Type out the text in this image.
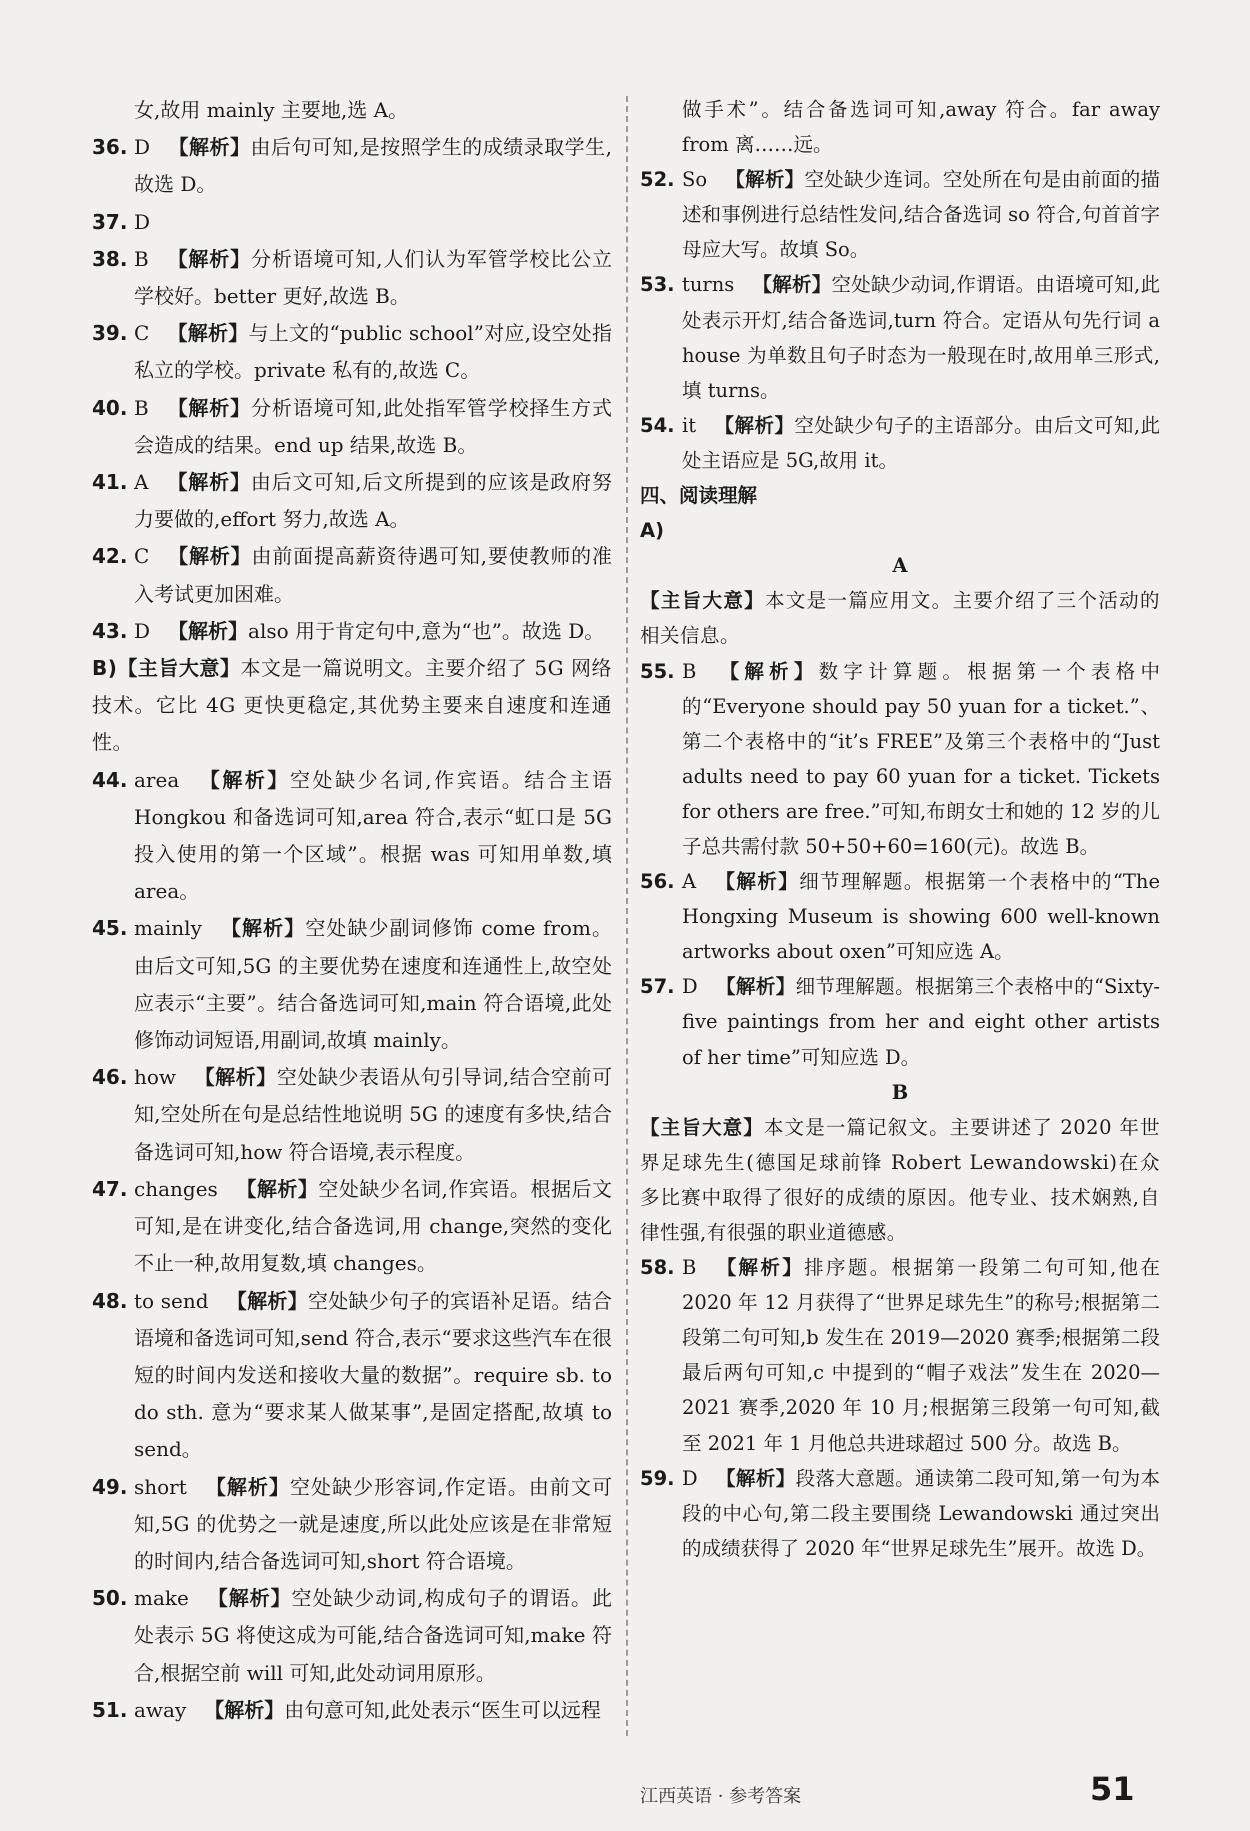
女,故用 mainly 主要地,选 A。
36. D 【解析】由后句可知,是按照学生的成绩录取学生,故选 D。
37. D
38. B 【解析】分析语境可知,人们认为军管学校比公立学校好。better 更好,故选 B。
39. C 【解析】与上文的“public school”对应,设空处指私立的学校。private 私有的,故选 C。
40. B 【解析】分析语境可知,此处指军管学校择生方式会造成的结果。end up 结果,故选 B。
41. A 【解析】由后文可知,后文所提到的应该是政府努力要做的,effort 努力,故选 A。
42. C 【解析】由前面提高薪资待遇可知,要使教师的准入考试更加困难。
43. D 【解析】also 用于肯定句中,意为“也”。故选 D。
B)【主旨大意】本文是一篇说明文。主要介绍了 5G 网络技术。它比 4G 更快更稳定,其优势主要来自速度和连通性。
44. area 【解析】空处缺少名词,作宾语。结合主语 Hongkou 和备选词可知,area 符合,表示“虹口是 5G 投入使用的第一个区域”。根据 was 可知用单数,填 area。
45. mainly 【解析】空处缺少副词修饰 come from。由后文可知,5G 的主要优势在速度和连通性上,故空处应表示“主要”。结合备选词可知,main 符合语境,此处修饰动词短语,用副词,故填 mainly。
46. how 【解析】空处缺少表语从句引导词,结合空前可知,空处所在句是总结性地说明 5G 的速度有多快,结合备选词可知,how 符合语境,表示程度。
47. changes 【解析】空处缺少名词,作宾语。根据后文可知,是在讲变化,结合备选词,用 change,突然的变化不止一种,故用复数,填 changes。
48. to send 【解析】空处缺少句子的宾语补足语。结合语境和备选词可知,send 符合,表示“要求这些汽车在很短的时间内发送和接收大量的数据”。require sb. to do sth. 意为“要求某人做某事”,是固定搭配,故填 to send。
49. short 【解析】空处缺少形容词,作定语。由前文可知,5G 的优势之一就是速度,所以此处应该是在非常短的时间内,结合备选词可知,short 符合语境。
50. make 【解析】空处缺少动词,构成句子的谓语。此处表示 5G 将使这成为可能,结合备选词可知,make 符合,根据空前 will 可知,此处动词用原形。
51. away 【解析】由句意可知,此处表示“医生可以远程
做手术”。结合备选词可知,away 符合。far away from 离……远。
52. So 【解析】空处缺少连词。空处所在句是由前面的描述和事例进行总结性发问,结合备选词 so 符合,句首首字母应大写。故填 So。
53. turns 【解析】空处缺少动词,作谓语。由语境可知,此处表示开灯,结合备选词,turn 符合。定语从句先行词 a house 为单数且句子时态为一般现在时,故用单三形式,填 turns。
54. it 【解析】空处缺少句子的主语部分。由后文可知,此处主语应是 5G,故用 it。
四、阅读理解
A)
A
【主旨大意】本文是一篇应用文。主要介绍了三个活动的相关信息。
55. B 【解析】数字计算题。根据第一个表格中的“Everyone should pay 50 yuan for a ticket.”、第二个表格中的“it’s FREE”及第三个表格中的“Just adults need to pay 60 yuan for a ticket. Tickets for others are free.”可知,布朗女士和她的 12 岁的儿子总共需付款 50+50+60=160(元)。故选 B。
56. A 【解析】细节理解题。根据第一个表格中的“The Hongxing Museum is showing 600 well-known artworks about oxen”可知应选 A。
57. D 【解析】细节理解题。根据第三个表格中的“Sixty-five paintings from her and eight other artists of her time”可知应选 D。
B
【主旨大意】本文是一篇记叙文。主要讲述了 2020 年世界足球先生(德国足球前锋 Robert Lewandowski)在众多比赛中取得了很好的成绩的原因。他专业、技术娴熟,自律性强,有很强的职业道德感。
58. B 【解析】排序题。根据第一段第二句可知,他在 2020 年 12 月获得了“世界足球先生”的称号;根据第二段第二句可知,b 发生在 2019—2020 赛季;根据第二段最后两句可知,c 中提到的“帽子戏法”发生在 2020—2021 赛季,2020 年 10 月;根据第三段第一句可知,截至 2021 年 1 月他总共进球超过 500 分。故选 B。
59. D 【解析】段落大意题。通读第二段可知,第一句为本段的中心句,第二段主要围绕 Lewandowski 通过突出的成绩获得了 2020 年“世界足球先生”展开。故选 D。
江西英语 · 参考答案	51
